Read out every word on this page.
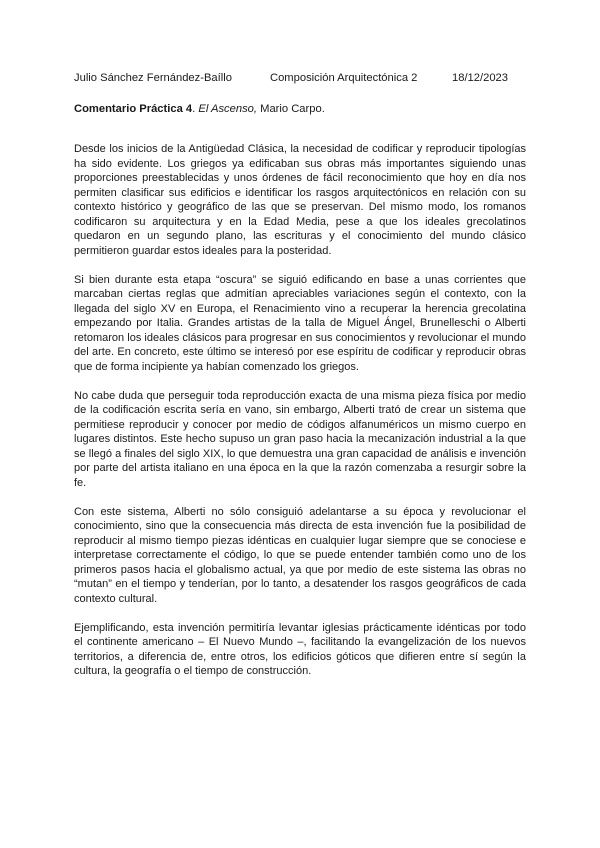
Julio Sánchez Fernández-Baíllo	Composición Arquitectónica 2	18/12/2023
Comentario Práctica 4. El Ascenso, Mario Carpo.

Desde los inicios de la Antigüedad Clásica, la necesidad de codificar y reproducir tipologías ha sido evidente. Los griegos ya edificaban sus obras más importantes siguiendo unas proporciones preestablecidas y unos órdenes de fácil reconocimiento que hoy en día nos permiten clasificar sus edificios e identificar los rasgos arquitectónicos en relación con su contexto histórico y geográfico de las que se preservan. Del mismo modo, los romanos codificaron su arquitectura y en la Edad Media, pese a que los ideales grecolatinos quedaron en un segundo plano, las escrituras y el conocimiento del mundo clásico permitieron guardar estos ideales para la posteridad.

Si bien durante esta etapa “oscura” se siguió edificando en base a unas corrientes que marcaban ciertas reglas que admitían apreciables variaciones según el contexto, con la llegada del siglo XV en Europa, el Renacimiento vino a recuperar la herencia grecolatina empezando por Italia. Grandes artistas de la talla de Miguel Ángel, Brunelleschi o Alberti retomaron los ideales clásicos para progresar en sus conocimientos y revolucionar el mundo del arte. En concreto, este último se interesó por ese espíritu de codificar y reproducir obras que de forma incipiente ya habían comenzado los griegos.

No cabe duda que perseguir toda reproducción exacta de una misma pieza física por medio de la codificación escrita sería en vano, sin embargo, Alberti trató de crear un sistema que permitiese reproducir y conocer por medio de códigos alfanuméricos un mismo cuerpo en lugares distintos. Este hecho supuso un gran paso hacia la mecanización industrial a la que se llegó a finales del siglo XIX, lo que demuestra una gran capacidad de análisis e invención por parte del artista italiano en una época en la que la razón comenzaba a resurgir sobre la fe.

Con este sistema, Alberti no sólo consiguió adelantarse a su época y revolucionar el conocimiento, sino que la consecuencia más directa de esta invención fue la posibilidad de reproducir al mismo tiempo piezas idénticas en cualquier lugar siempre que se conociese e interpretase correctamente el código, lo que se puede entender también como uno de los primeros pasos hacia el globalismo actual, ya que por medio de este sistema las obras no “mutan” en el tiempo y tenderían, por lo tanto, a desatender los rasgos geográficos de cada contexto cultural.

Ejemplificando, esta invención permitiría levantar iglesias prácticamente idénticas por todo el continente americano – El Nuevo Mundo –, facilitando la evangelización de los nuevos territorios, a diferencia de, entre otros, los edificios góticos que difieren entre sí según la cultura, la geografía o el tiempo de construcción.
